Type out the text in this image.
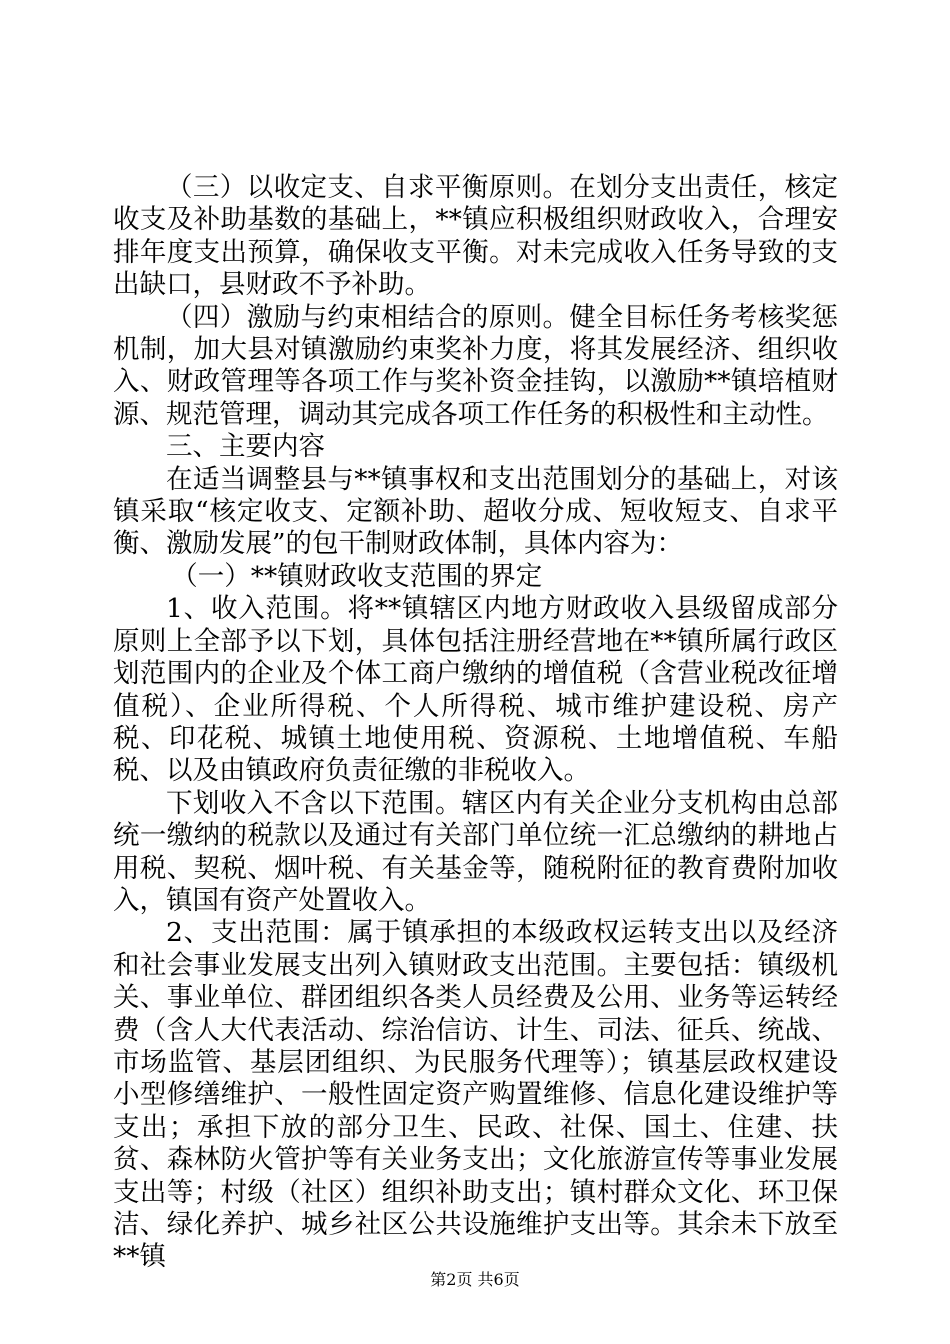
（三）以收定支、自求平衡原则。在划分支出责任，核定收支及补助基数的基础上，**镇应积极组织财政收入，合理安排年度支出预算，确保收支平衡。对未完成收入任务导致的支出缺口，县财政不予补助。

（四）激励与约束相结合的原则。健全目标任务考核奖惩机制，加大县对镇激励约束奖补力度，将其发展经济、组织收入、财政管理等各项工作与奖补资金挂钩，以激励**镇培植财源、规范管理，调动其完成各项工作任务的积极性和主动性。

三、主要内容

在适当调整县与**镇事权和支出范围划分的基础上，对该镇采取“核定收支、定额补助、超收分成、短收短支、自求平衡、激励发展”的包干制财政体制，具体内容为：

（一）**镇财政收支范围的界定

1、收入范围。将**镇辖区内地方财政收入县级留成部分原则上全部予以下划，具体包括注册经营地在**镇所属行政区划范围内的企业及个体工商户缴纳的增值税（含营业税改征增值税）、企业所得税、个人所得税、城市维护建设税、房产税、印花税、城镇土地使用税、资源税、土地增值税、车船税、以及由镇政府负责征缴的非税收入。

下划收入不含以下范围。辖区内有关企业分支机构由总部统一缴纳的税款以及通过有关部门单位统一汇总缴纳的耕地占用税、契税、烟叶税、有关基金等，随税附征的教育费附加收入，镇国有资产处置收入。

2、支出范围：属于镇承担的本级政权运转支出以及经济和社会事业发展支出列入镇财政支出范围。主要包括：镇级机关、事业单位、群团组织各类人员经费及公用、业务等运转经费（含人大代表活动、综治信访、计生、司法、征兵、统战、市场监管、基层团组织、为民服务代理等）；镇基层政权建设小型修缮维护、一般性固定资产购置维修、信息化建设维护等支出；承担下放的部分卫生、民政、社保、国土、住建、扶贫、森林防火管护等有关业务支出；文化旅游宣传等事业发展支出等；村级（社区）组织补助支出；镇村群众文化、环卫保洁、绿化养护、城乡社区公共设施维护支出等。其余未下放至**镇

第2页 共6页
